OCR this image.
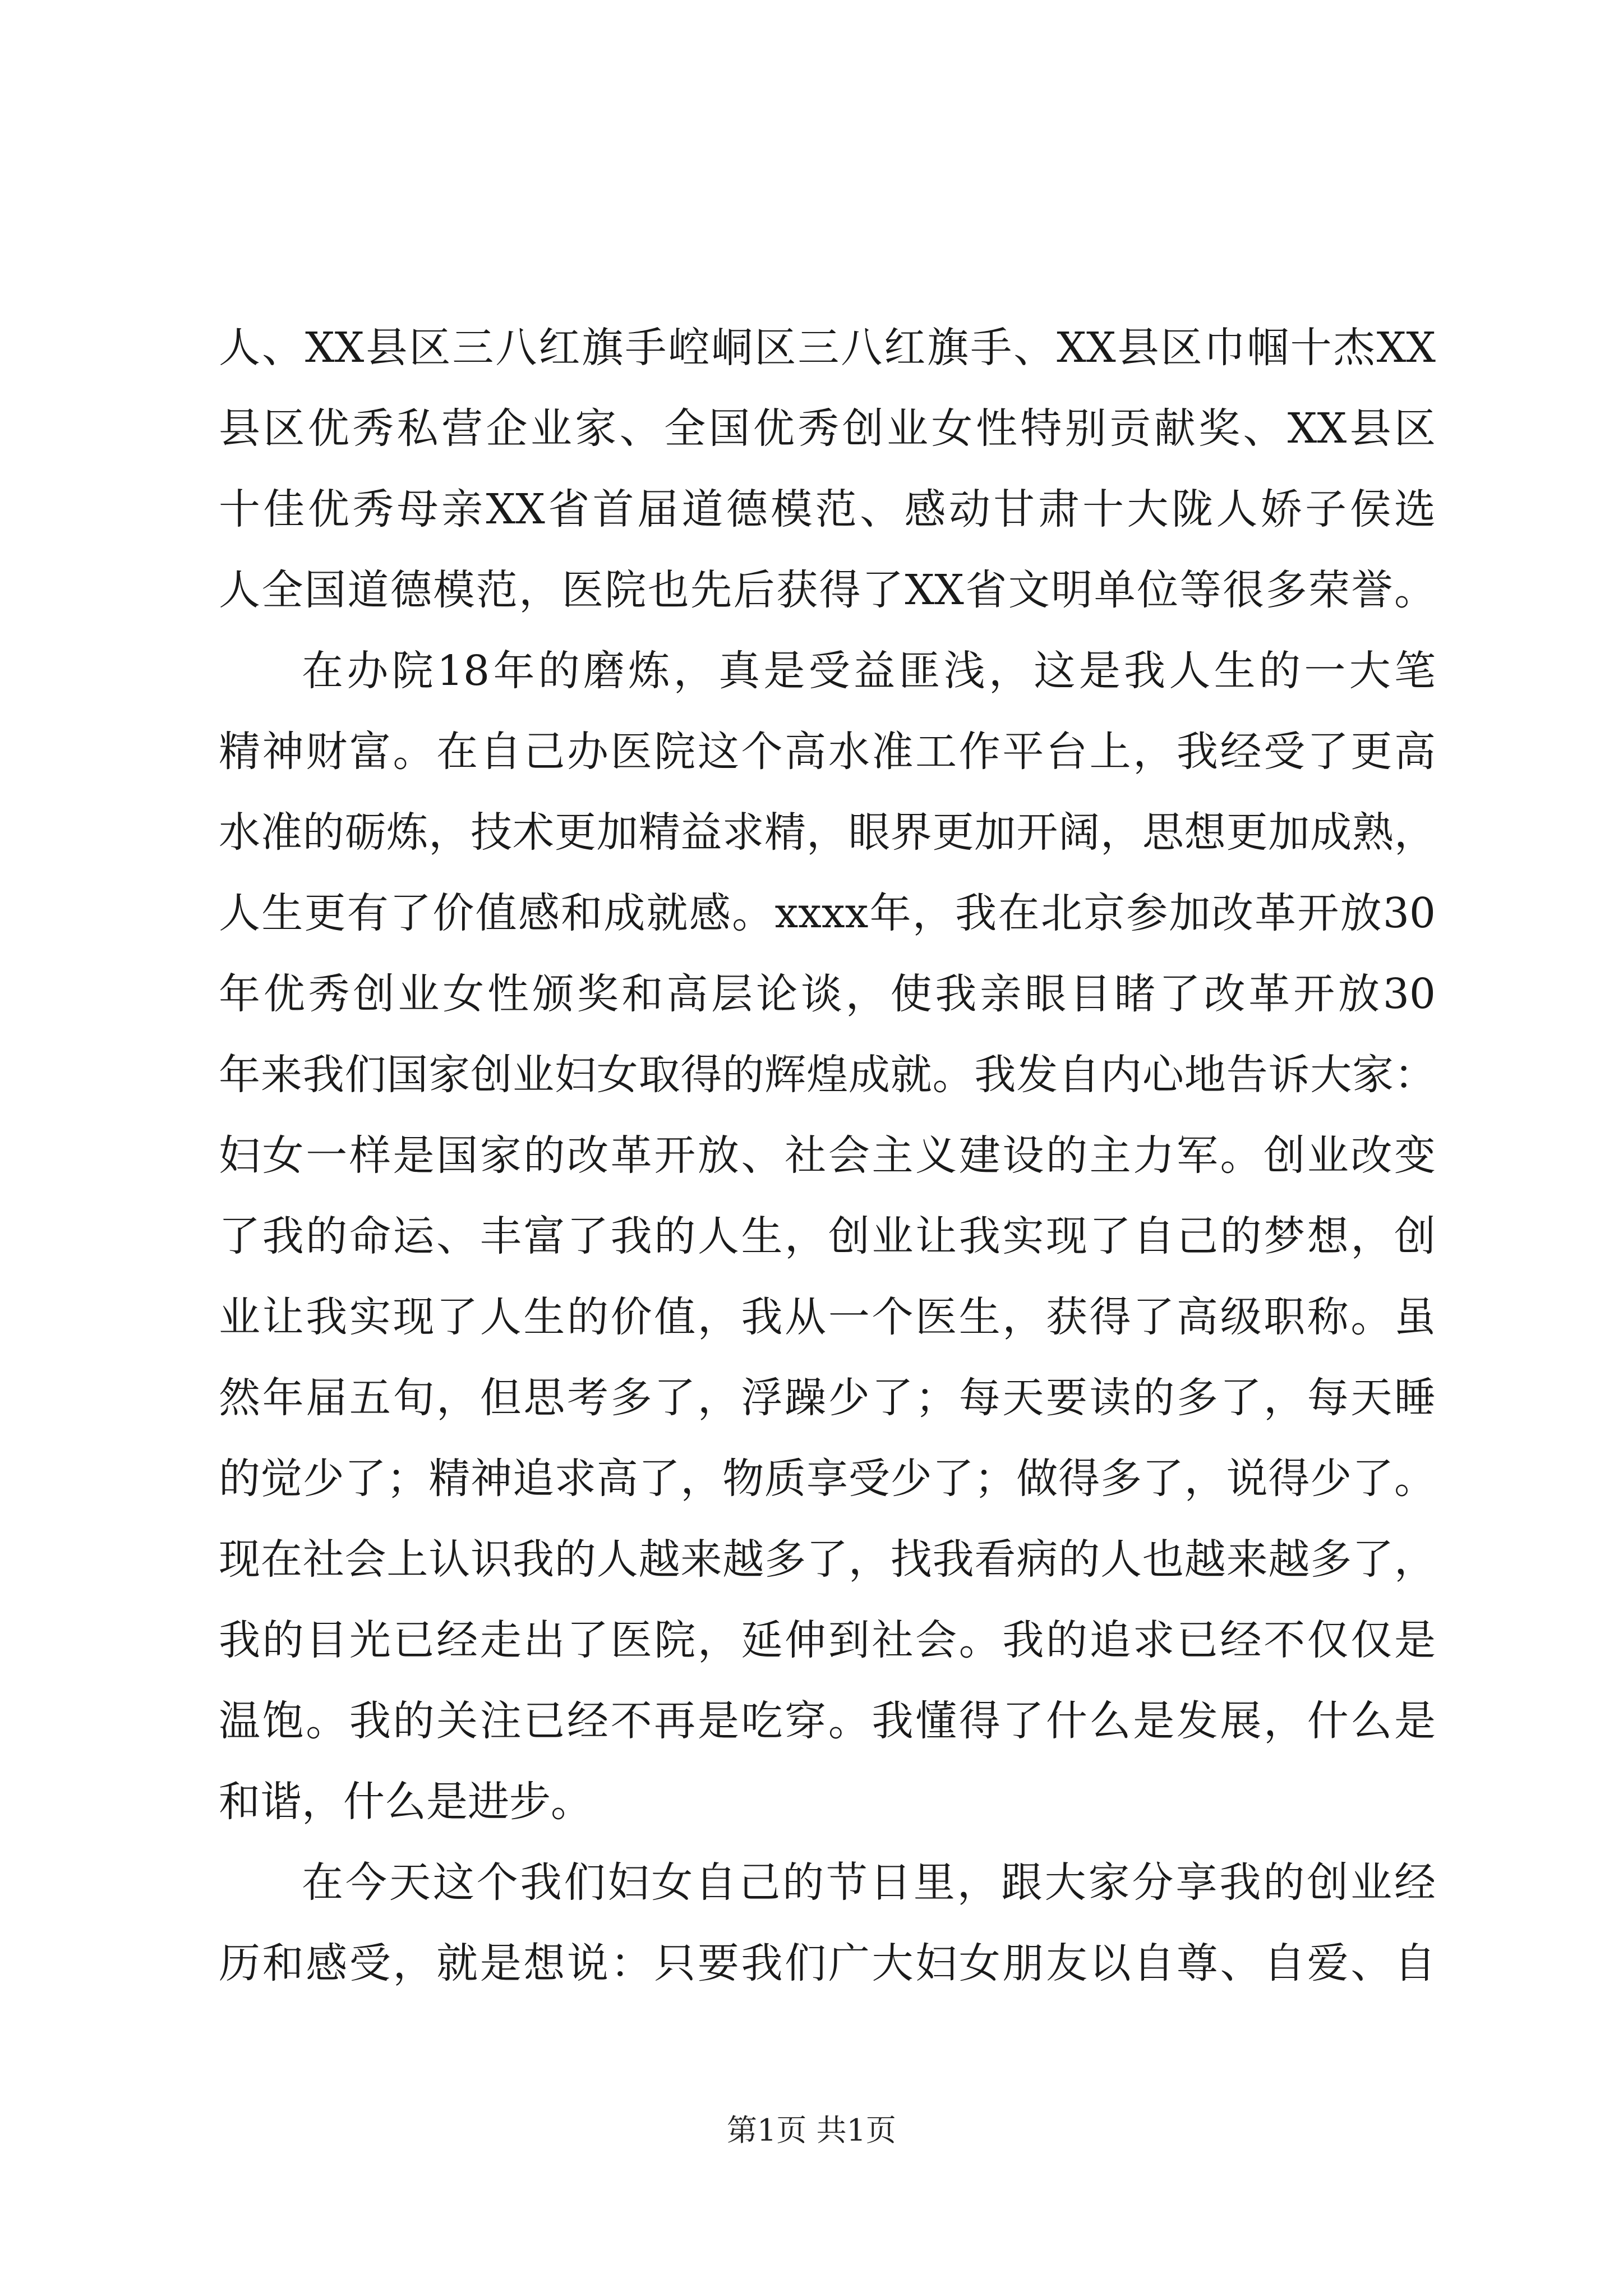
人、XX县区三八红旗手崆峒区三八红旗手、XX县区巾帼十杰XX
县区优秀私营企业家、全国优秀创业女性特别贡献奖、XX县区
十佳优秀母亲XX省首届道德模范、感动甘肃十大陇人娇子侯选
人全国道德模范，医院也先后获得了XX省文明单位等很多荣誉。

在办院18年的磨炼，真是受益匪浅，这是我人生的一大笔
精神财富。在自己办医院这个高水准工作平台上，我经受了更高
水准的砺炼，技术更加精益求精，眼界更加开阔，思想更加成熟，
人生更有了价值感和成就感。xxxx年，我在北京参加改革开放30
年优秀创业女性颁奖和高层论谈，使我亲眼目睹了改革开放30
年来我们国家创业妇女取得的辉煌成就。我发自内心地告诉大家：
妇女一样是国家的改革开放、社会主义建设的主力军。创业改变
了我的命运、丰富了我的人生，创业让我实现了自己的梦想，创
业让我实现了人生的价值，我从一个医生，获得了高级职称。虽
然年届五旬，但思考多了，浮躁少了；每天要读的多了，每天睡
的觉少了；精神追求高了，物质享受少了；做得多了，说得少了。
现在社会上认识我的人越来越多了，找我看病的人也越来越多了，
我的目光已经走出了医院，延伸到社会。我的追求已经不仅仅是
温饱。我的关注已经不再是吃穿。我懂得了什么是发展，什么是
和谐，什么是进步。

在今天这个我们妇女自己的节日里，跟大家分享我的创业经
历和感受，就是想说：只要我们广大妇女朋友以自尊、自爱、自

第1页 共1页
